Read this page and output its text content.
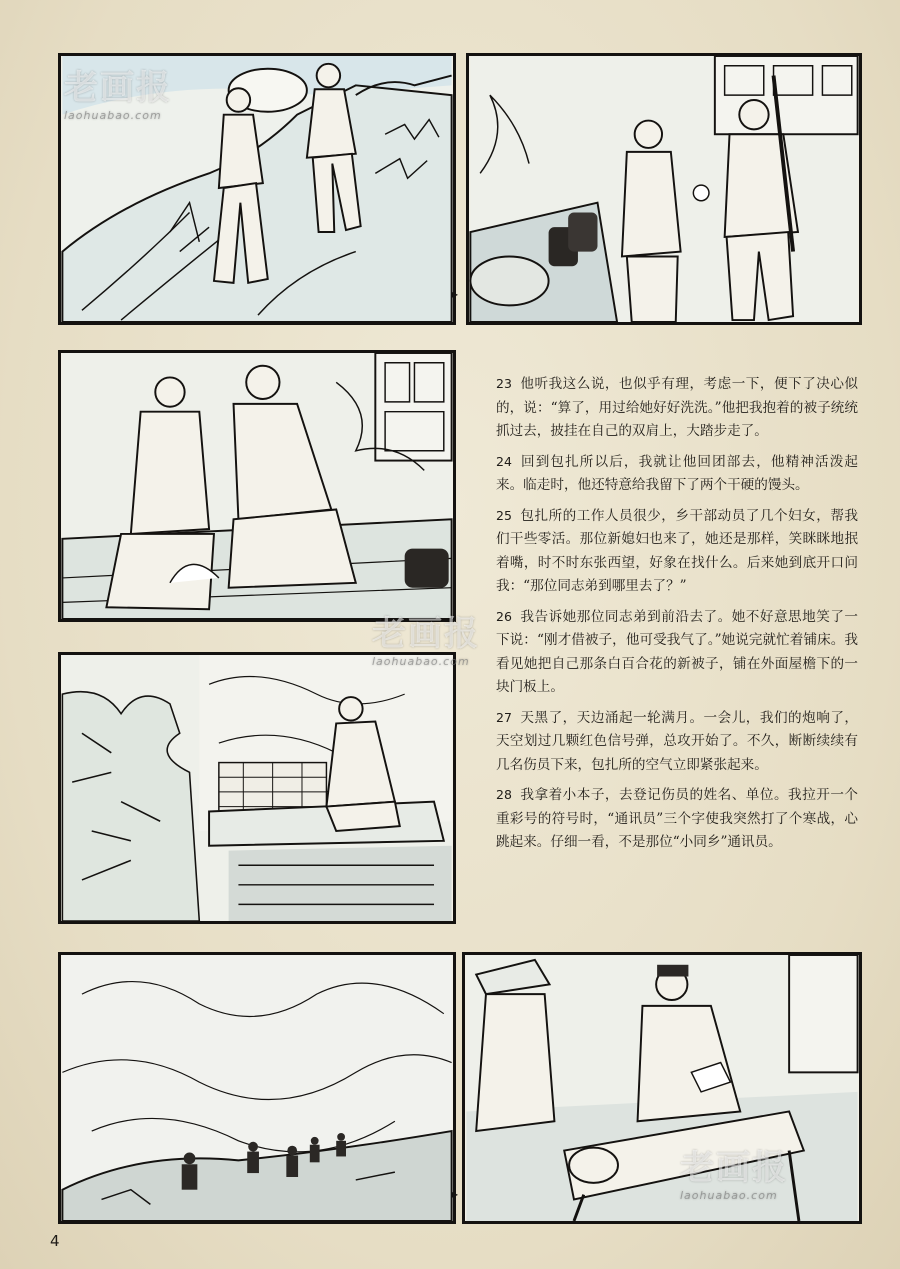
▸
▸

23 他听我这么说，也似乎有理，考虑一下，便下了决心似的，说：“算了，用过给她好好洗洗。”他把我抱着的被子统统抓过去，披挂在自己的双肩上，大踏步走了。

24 回到包扎所以后，我就让他回团部去，他精神活泼起来。临走时，他还特意给我留下了两个干硬的馒头。

25 包扎所的工作人员很少，乡干部动员了几个妇女，帮我们干些零活。那位新媳妇也来了，她还是那样，笑眯眯地抿着嘴，时不时东张西望，好象在找什么。后来她到底开口问我：“那位同志弟到哪里去了？”

26 我告诉她那位同志弟到前沿去了。她不好意思地笑了一下说：“刚才借被子，他可受我气了。”她说完就忙着铺床。我看见她把自己那条白百合花的新被子，铺在外面屋檐下的一块门板上。

27 天黑了，天边涌起一轮满月。一会儿，我们的炮响了，天空划过几颗红色信号弹，总攻开始了。不久，断断续续有几名伤员下来，包扎所的空气立即紧张起来。

28 我拿着小本子，去登记伤员的姓名、单位。我拉开一个重彩号的符号时，“通讯员”三个字使我突然打了个寒战，心跳起来。仔细一看，不是那位“小同乡”通讯员。

老画报
laohuabao.com
老画报
laohuabao.com
老画报
laohuabao.com
4
